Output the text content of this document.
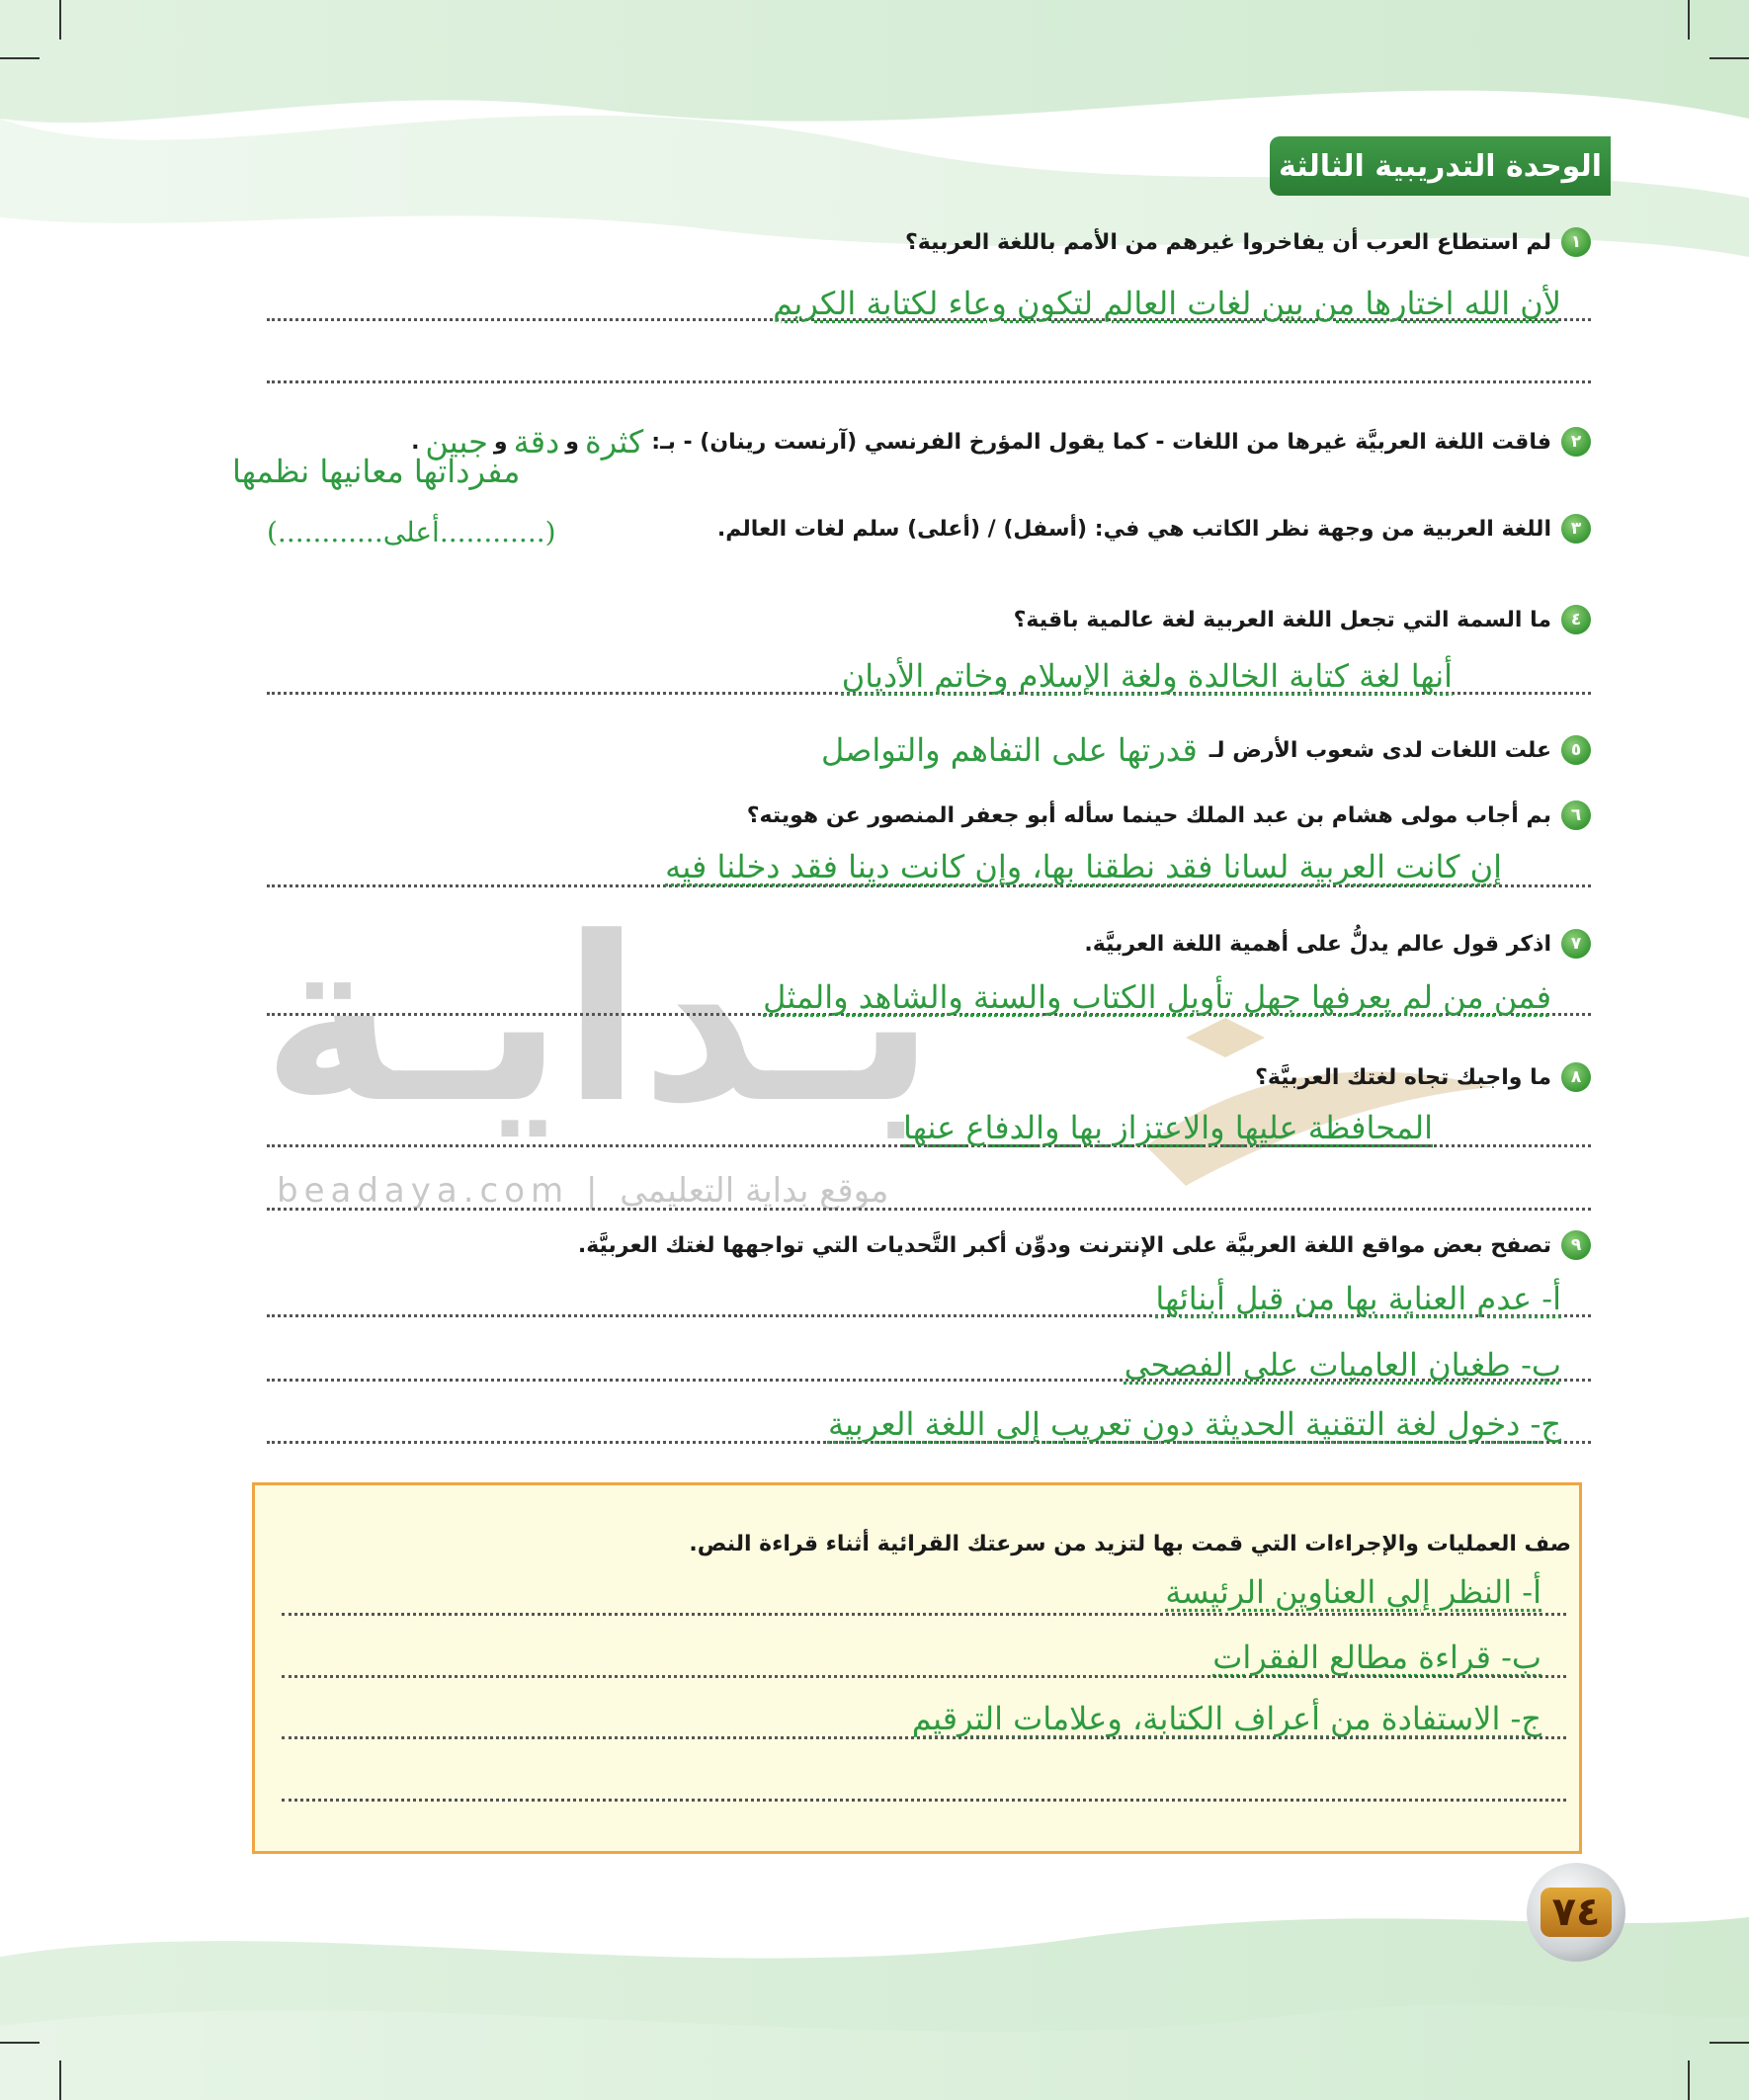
بـدايـة
beadaya.com | موقع بداية التعليمي
الوحدة التدريبية الثالثة
١
لم استطاع العرب أن يفاخروا غيرهم من الأمم باللغة العربية؟
لأن الله اختارها من بين لغات العالم لتكون وعاء لكتابة الكريم
٢
فاقت اللغة العربيَّة غيرها من اللغات - كما يقول المؤرخ الفرنسي (آرنست رينان) - بـ:
كثرة
و
دقة
و
جبين
.
مفرداتها معانيها نظمها
٣
اللغة العربية من وجهة نظر الكاتب هي في: (أسفل) / (أعلى) سلم لغات العالم.
(............أعلى............)
٤
ما السمة التي تجعل اللغة العربية لغة عالمية باقية؟
أنها لغة كتابة الخالدة ولغة الإسلام وخاتم الأديان
٥
علت اللغات لدى شعوب الأرض لـ
قدرتها على التفاهم والتواصل
٦
بم أجاب مولى هشام بن عبد الملك حينما سأله أبو جعفر المنصور عن هويته؟
إن كانت العربية لسانا فقد نطقنا بها، وإن كانت دينا فقد دخلنا فيه
٧
اذكر قول عالم يدلُّ على أهمية اللغة العربيَّة.
فمن من لم يعرفها جهل تأويل الكتاب والسنة والشاهد والمثل
٨
ما واجبك تجاه لغتك العربيَّة؟
المحافظة عليها والاعتزاز بها والدفاع عنها
٩
تصفح بعض مواقع اللغة العربيَّة على الإنترنت ودوِّن أكبر التَّحديات التي تواجهها لغتك العربيَّة.
أ- عدم العناية بها من قبل أبنائها
ب- طغيان العاميات على الفصحى
ج- دخول لغة التقنية الحديثة دون تعريب إلى اللغة العربية
صف العمليات والإجراءات التي قمت بها لتزيد من سرعتك القرائية أثناء قراءة النص.
أ- النظر إلى العناوين الرئيسة
ب- قراءة مطالع الفقرات
ج- الاستفادة من أعراف الكتابة، وعلامات الترقيم
٧٤
